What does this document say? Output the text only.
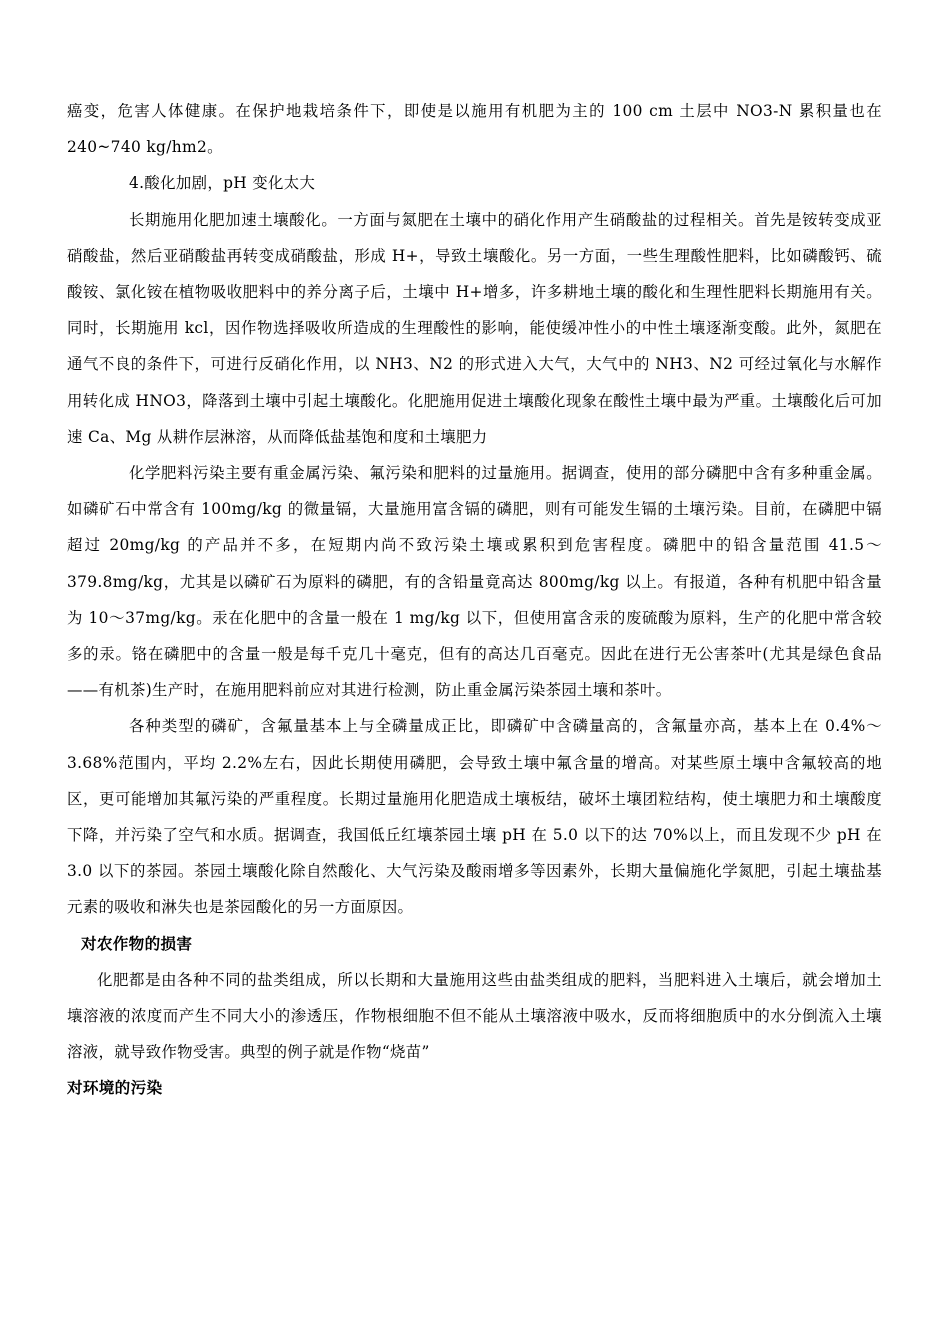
癌变，危害人体健康。在保护地栽培条件下，即使是以施用有机肥为主的 100 cm 土层中 NO3-N 累积量也在 240~740 kg/hm2。

4.酸化加剧，pH 变化太大

长期施用化肥加速土壤酸化。一方面与氮肥在土壤中的硝化作用产生硝酸盐的过程相关。首先是铵转变成亚硝酸盐，然后亚硝酸盐再转变成硝酸盐，形成 H+，导致土壤酸化。另一方面，一些生理酸性肥料，比如磷酸钙、硫酸铵、氯化铵在植物吸收肥料中的养分离子后，土壤中 H+增多，许多耕地土壤的酸化和生理性肥料长期施用有关。同时，长期施用 kcl，因作物选择吸收所造成的生理酸性的影响，能使缓冲性小的中性土壤逐渐变酸。此外，氮肥在通气不良的条件下，可进行反硝化作用，以 NH3、N2 的形式进入大气，大气中的 NH3、N2 可经过氧化与水解作用转化成 HNO3，降落到土壤中引起土壤酸化。化肥施用促进土壤酸化现象在酸性土壤中最为严重。土壤酸化后可加速 Ca、Mg 从耕作层淋溶，从而降低盐基饱和度和土壤肥力

化学肥料污染主要有重金属污染、氟污染和肥料的过量施用。据调查，使用的部分磷肥中含有多种重金属。如磷矿石中常含有 100mg/kg 的微量镉，大量施用富含镉的磷肥，则有可能发生镉的土壤污染。目前，在磷肥中镉超过 20mg/kg 的产品并不多，在短期内尚不致污染土壤或累积到危害程度。磷肥中的铅含量范围 41.5～379.8mg/kg，尤其是以磷矿石为原料的磷肥，有的含铅量竟高达 800mg/kg 以上。有报道，各种有机肥中铅含量为 10～37mg/kg。汞在化肥中的含量一般在 1 mg/kg 以下，但使用富含汞的废硫酸为原料，生产的化肥中常含较多的汞。铬在磷肥中的含量一般是每千克几十毫克，但有的高达几百毫克。因此在进行无公害茶叶(尤其是绿色食品——有机茶)生产时，在施用肥料前应对其进行检测，防止重金属污染茶园土壤和茶叶。

各种类型的磷矿，含氟量基本上与全磷量成正比，即磷矿中含磷量高的，含氟量亦高，基本上在 0.4%～3.68%范围内，平均 2.2%左右，因此长期使用磷肥，会导致土壤中氟含量的增高。对某些原土壤中含氟较高的地区，更可能增加其氟污染的严重程度。长期过量施用化肥造成土壤板结，破坏土壤团粒结构，使土壤肥力和土壤酸度下降，并污染了空气和水质。据调查，我国低丘红壤茶园土壤 pH 在 5.0 以下的达 70%以上，而且发现不少 pH 在 3.0 以下的茶园。茶园土壤酸化除自然酸化、大气污染及酸雨增多等因素外，长期大量偏施化学氮肥，引起土壤盐基元素的吸收和淋失也是茶园酸化的另一方面原因。

对农作物的损害

化肥都是由各种不同的盐类组成，所以长期和大量施用这些由盐类组成的肥料，当肥料进入土壤后，就会增加土壤溶液的浓度而产生不同大小的渗透压，作物根细胞不但不能从土壤溶液中吸水，反而将细胞质中的水分倒流入土壤溶液，就导致作物受害。典型的例子就是作物“烧苗”

对环境的污染
